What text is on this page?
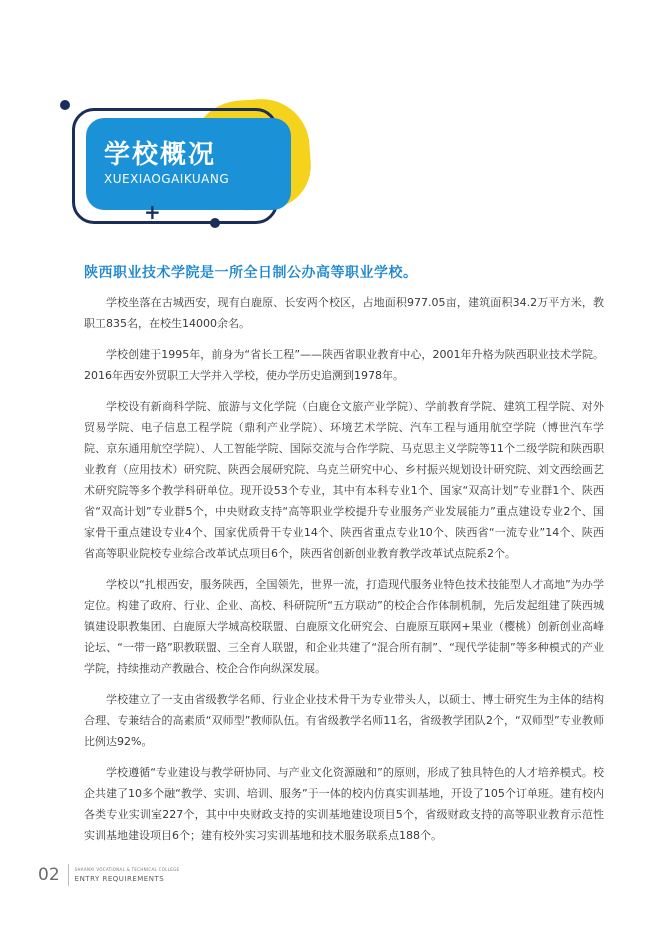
+
学校概况
XUEXIAOGAIKUANG

陕西职业技术学院是一所全日制公办高等职业学校。

学校坐落在古城西安，现有白鹿原、长安两个校区，占地面积977.05亩，建筑面积34.2万平方米，教职工835名，在校生14000余名。

学校创建于1995年，前身为“省长工程”——陕西省职业教育中心，2001年升格为陕西职业技术学院。2016年西安外贸职工大学并入学校，使办学历史追溯到1978年。

学校设有新商科学院、旅游与文化学院（白鹿仓文旅产业学院）、学前教育学院、建筑工程学院、对外贸易学院、电子信息工程学院（鼎利产业学院）、环境艺术学院、汽车工程与通用航空学院（博世汽车学院、京东通用航空学院）、人工智能学院、国际交流与合作学院、马克思主义学院等11个二级学院和陕西职业教育（应用技术）研究院、陕西会展研究院、乌克兰研究中心、乡村振兴规划设计研究院、刘文西绘画艺术研究院等多个教学科研单位。现开设53个专业，其中有本科专业1个、国家“双高计划”专业群1个、陕西省“双高计划”专业群5个，中央财政支持“高等职业学校提升专业服务产业发展能力”重点建设专业2个、国家骨干重点建设专业4个、国家优质骨干专业14个、陕西省重点专业10个、陕西省“一流专业”14个、陕西省高等职业院校专业综合改革试点项目6个，陕西省创新创业教育教学改革试点院系2个。

学校以“扎根西安，服务陕西，全国领先，世界一流，打造现代服务业特色技术技能型人才高地”为办学定位。构建了政府、行业、企业、高校、科研院所“五方联动”的校企合作体制机制，先后发起组建了陕西城镇建设职教集团、白鹿原大学城高校联盟、白鹿原文化研究会、白鹿原互联网+果业（樱桃）创新创业高峰论坛、“一带一路”职教联盟、三全育人联盟，和企业共建了“混合所有制”、“现代学徒制”等多种模式的产业学院，持续推动产教融合、校企合作向纵深发展。

学校建立了一支由省级教学名师、行业企业技术骨干为专业带头人，以硕士、博士研究生为主体的结构合理、专兼结合的高素质“双师型”教师队伍。有省级教学名师11名，省级教学团队2个，“双师型”专业教师比例达92%。

学校遵循“专业建设与教学研协同、与产业文化资源融和”的原则，形成了独具特色的人才培养模式。校企共建了10多个融“教学、实训、培训、服务”于一体的校内仿真实训基地，开设了105个订单班。建有校内各类专业实训室227个，其中中央财政支持的实训基地建设项目5个，省级财政支持的高等职业教育示范性实训基地建设项目6个；建有校外实习实训基地和技术服务联系点188个。

02	SHAANXI VOCATIONAL & TECHNICAL COLLEGE
ENTRY REQUIREMENTS
